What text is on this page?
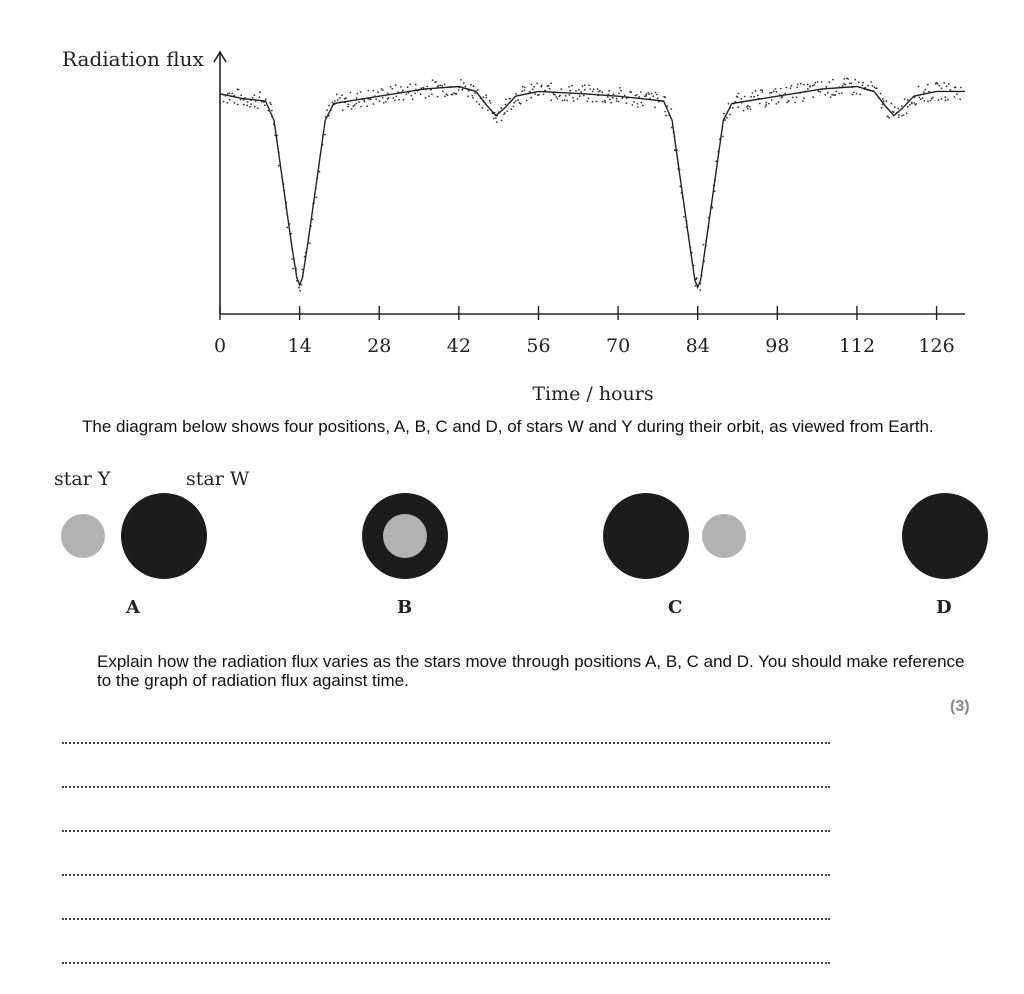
Radiation flux
Time / hours
0	14	28	42	56	70	84	98	112 126
The diagram below shows four positions, A, B, C and D, of stars W and Y during their orbit, as viewed from Earth.
star Y	star W
A	B	C	D
Explain how the radiation flux varies as the stars move through positions A, B, C and D. You should make reference to the graph of radiation flux against time.
(3)
